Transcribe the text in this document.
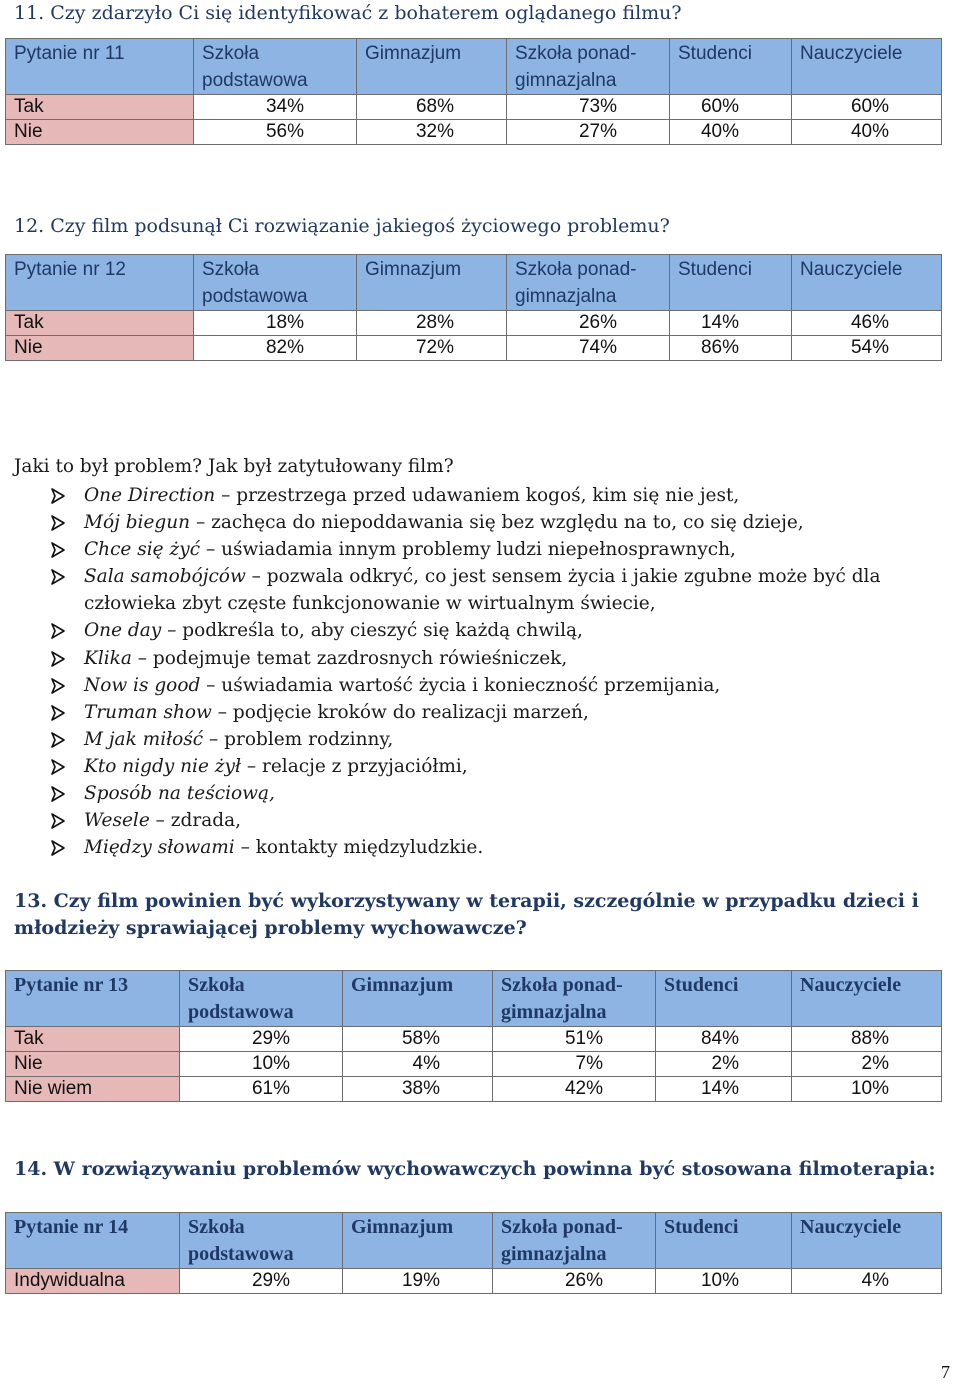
11. Czy zdarzyło Ci się identyfikować z bohaterem oglądanego filmu?

Pytanie nr 11	Szkoła podstawowa	Gimnazjum	Szkoła ponad-gimnazjalna	Studenci	Nauczyciele
Tak	34%	68%	73%	60%	60%
Nie	56%	32%	27%	40%	40%

12. Czy film podsunął Ci rozwiązanie jakiegoś życiowego problemu?

Pytanie nr 12	Szkoła podstawowa	Gimnazjum	Szkoła ponad-gimnazjalna	Studenci	Nauczyciele
Tak	18%	28%	26%	14%	46%
Nie	82%	72%	74%	86%	54%

Jaki to był problem? Jak był zatytułowany film?

One Direction – przestrzega przed udawaniem kogoś, kim się nie jest,
Mój biegun – zachęca do niepoddawania się bez względu na to, co się dzieje,
Chce się żyć – uświadamia innym problemy ludzi niepełnosprawnych,
Sala samobójców – pozwala odkryć, co jest sensem życia i jakie zgubne może być dla człowieka zbyt częste funkcjonowanie w wirtualnym świecie,
One day – podkreśla to, aby cieszyć się każdą chwilą,
Klika – podejmuje temat zazdrosnych rówieśniczek,
Now is good – uświadamia wartość życia i konieczność przemijania,
Truman show – podjęcie kroków do realizacji marzeń,
M jak miłość – problem rodzinny,
Kto nigdy nie żył – relacje z przyjaciółmi,
Sposób na teściową,
Wesele – zdrada,
Między słowami – kontakty międzyludzkie.

13. Czy film powinien być wykorzystywany w terapii, szczególnie w przypadku dzieci i młodzieży sprawiającej problemy wychowawcze?

Pytanie nr 13	Szkoła podstawowa	Gimnazjum	Szkoła ponad-gimnazjalna	Studenci	Nauczyciele
Tak	29%	58%	51%	84%	88%
Nie	10%	4%	7%	2%	2%
Nie wiem	61%	38%	42%	14%	10%

14. W rozwiązywaniu problemów wychowawczych powinna być stosowana filmoterapia:

Pytanie nr 14	Szkoła podstawowa	Gimnazjum	Szkoła ponad-gimnazjalna	Studenci	Nauczyciele
Indywidualna	29%	19%	26%	10%	4%
7
